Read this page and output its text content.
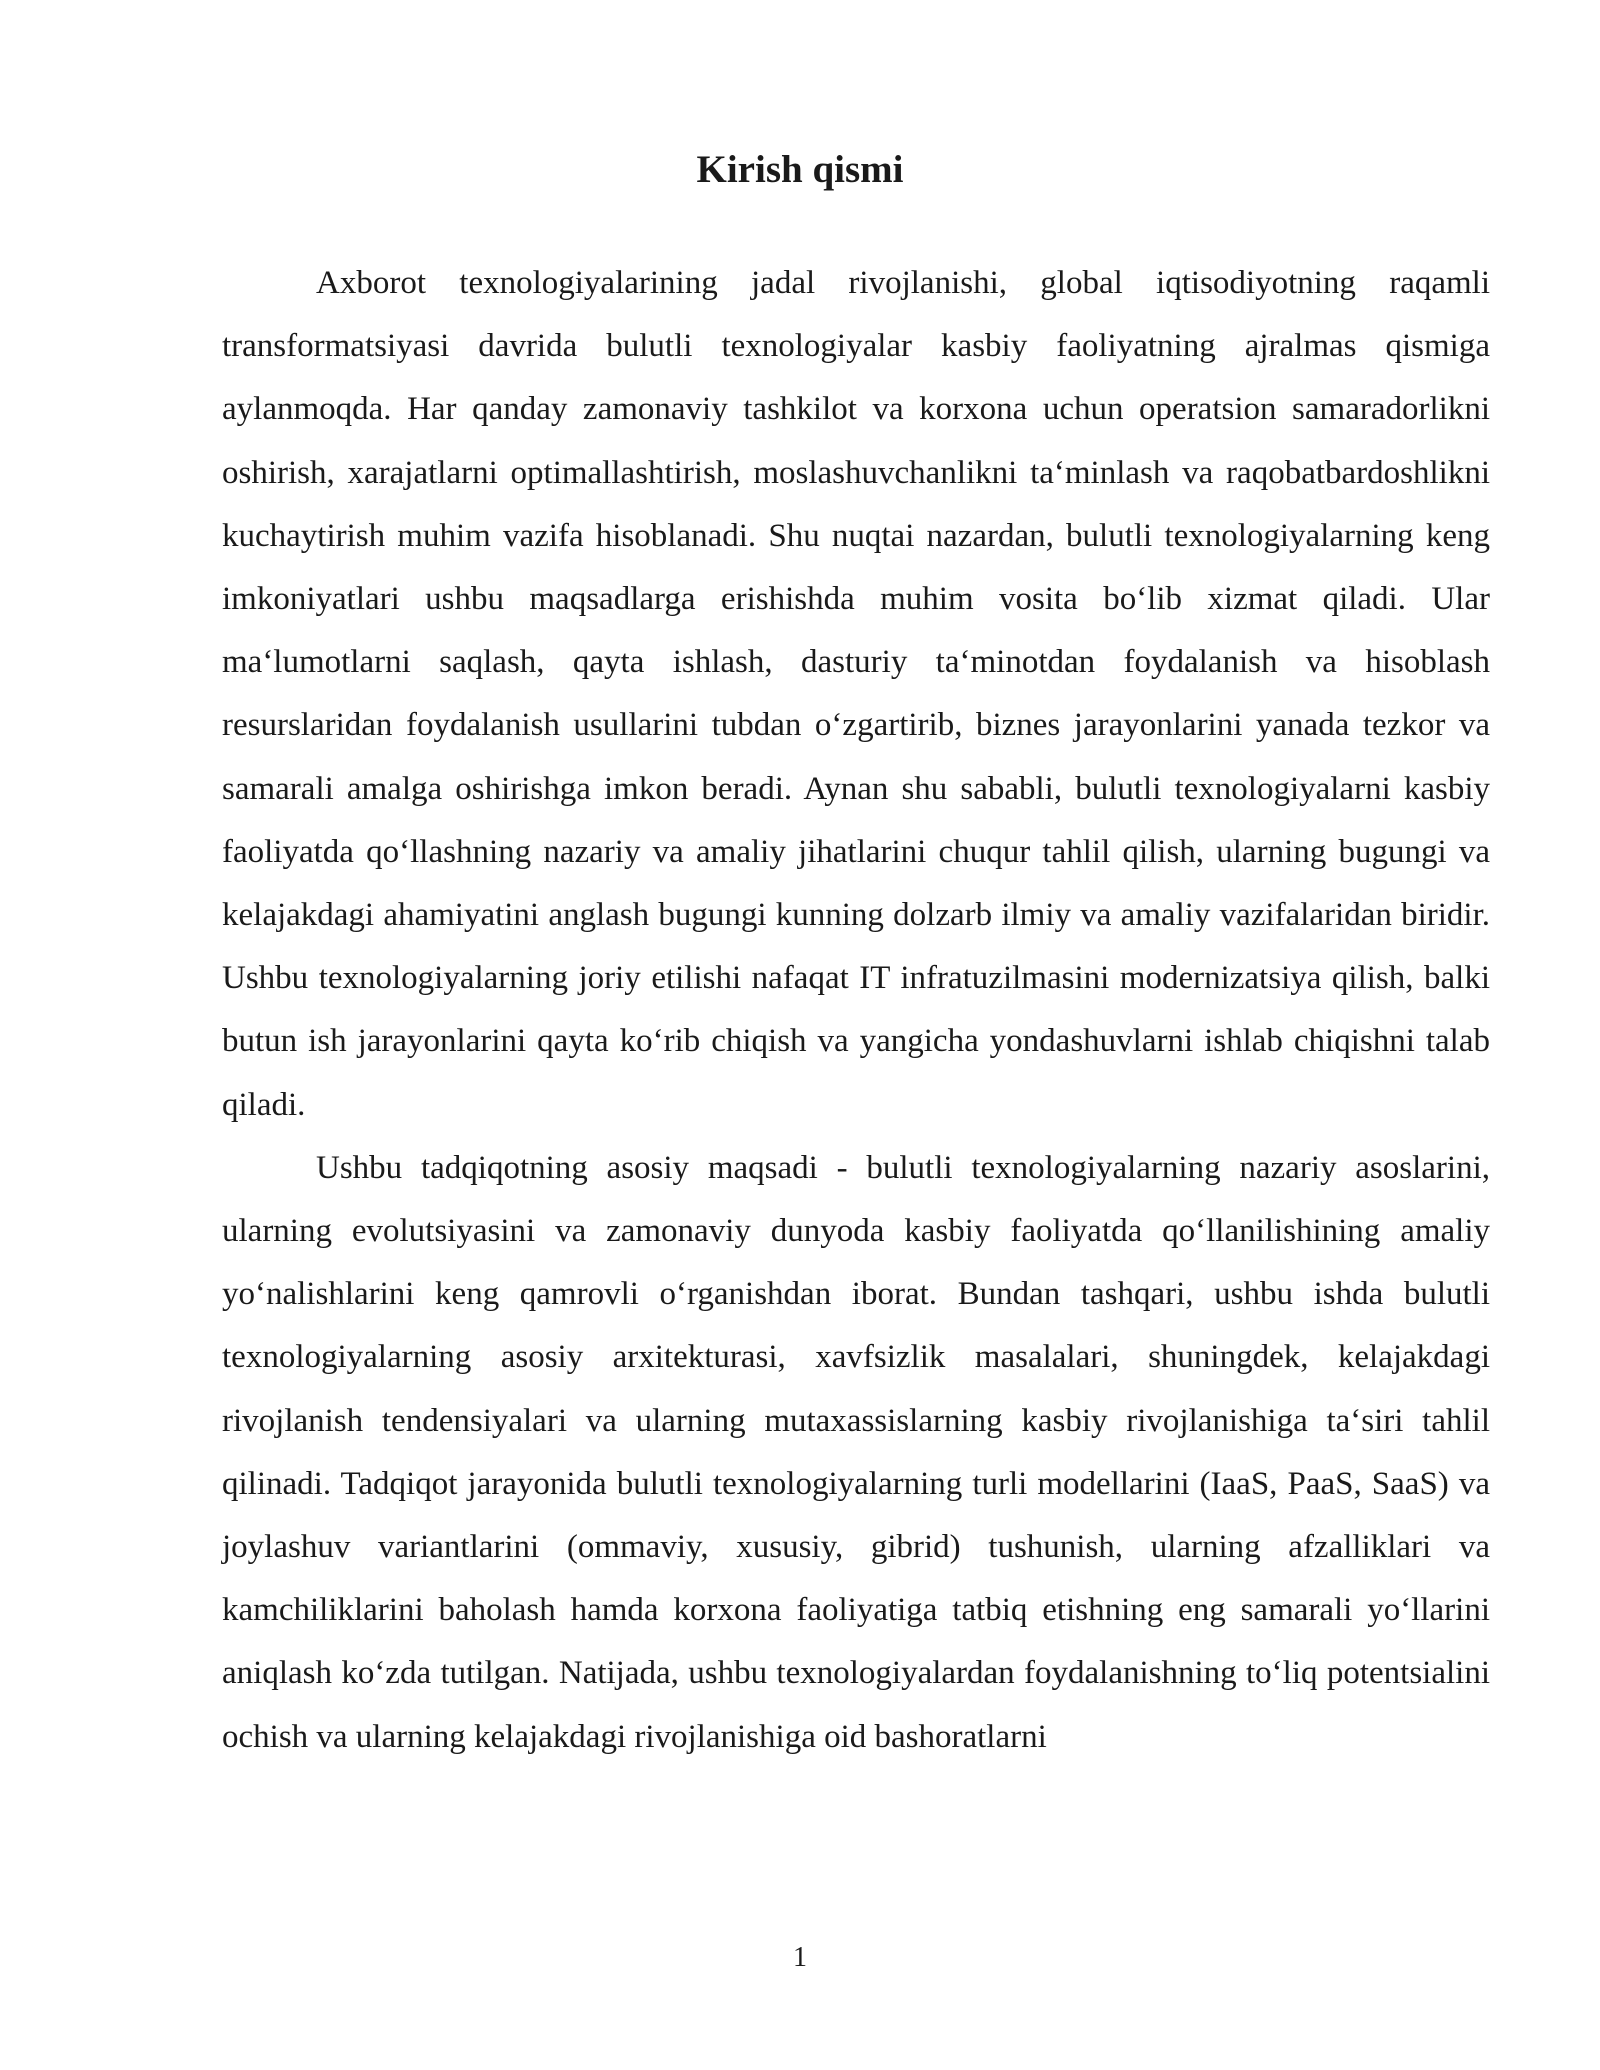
Kirish qismi

Axborot texnologiyalarining jadal rivojlanishi, global iqtisodiyotning raqamli transformatsiyasi davrida bulutli texnologiyalar kasbiy faoliyatning ajralmas qismiga aylanmoqda. Har qanday zamonaviy tashkilot va korxona uchun operatsion samaradorlikni oshirish, xarajatlarni optimallashtirish, moslashuvchanlikni ta‘minlash va raqobatbardoshlikni kuchaytirish muhim vazifa hisoblanadi. Shu nuqtai nazardan, bulutli texnologiyalarning keng imkoniyatlari ushbu maqsadlarga erishishda muhim vosita bo‘lib xizmat qiladi. Ular ma‘lumotlarni saqlash, qayta ishlash, dasturiy ta‘minotdan foydalanish va hisoblash resurslaridan foydalanish usullarini tubdan o‘zgartirib, biznes jarayonlarini yanada tezkor va samarali amalga oshirishga imkon beradi. Aynan shu sababli, bulutli texnologiyalarni kasbiy faoliyatda qo‘llashning nazariy va amaliy jihatlarini chuqur tahlil qilish, ularning bugungi va kelajakdagi ahamiyatini anglash bugungi kunning dolzarb ilmiy va amaliy vazifalaridan biridir. Ushbu texnologiyalarning joriy etilishi nafaqat IT infratuzilmasini modernizatsiya qilish, balki butun ish jarayonlarini qayta ko‘rib chiqish va yangicha yondashuvlarni ishlab chiqishni talab qiladi.

Ushbu tadqiqotning asosiy maqsadi - bulutli texnologiyalarning nazariy asoslarini, ularning evolutsiyasini va zamonaviy dunyoda kasbiy faoliyatda qo‘llanilishining amaliy yo‘nalishlarini keng qamrovli o‘rganishdan iborat. Bundan tashqari, ushbu ishda bulutli texnologiyalarning asosiy arxitekturasi, xavfsizlik masalalari, shuningdek, kelajakdagi rivojlanish tendensiyalari va ularning mutaxassislarning kasbiy rivojlanishiga ta‘siri tahlil qilinadi. Tadqiqot jarayonida bulutli texnologiyalarning turli modellarini (IaaS, PaaS, SaaS) va joylashuv variantlarini (ommaviy, xususiy, gibrid) tushunish, ularning afzalliklari va kamchiliklarini baholash hamda korxona faoliyatiga tatbiq etishning eng samarali yo‘llarini aniqlash ko‘zda tutilgan. Natijada, ushbu texnologiyalardan foydalanishning to‘liq potentsialini ochish va ularning kelajakdagi rivojlanishiga oid bashoratlarni

1
